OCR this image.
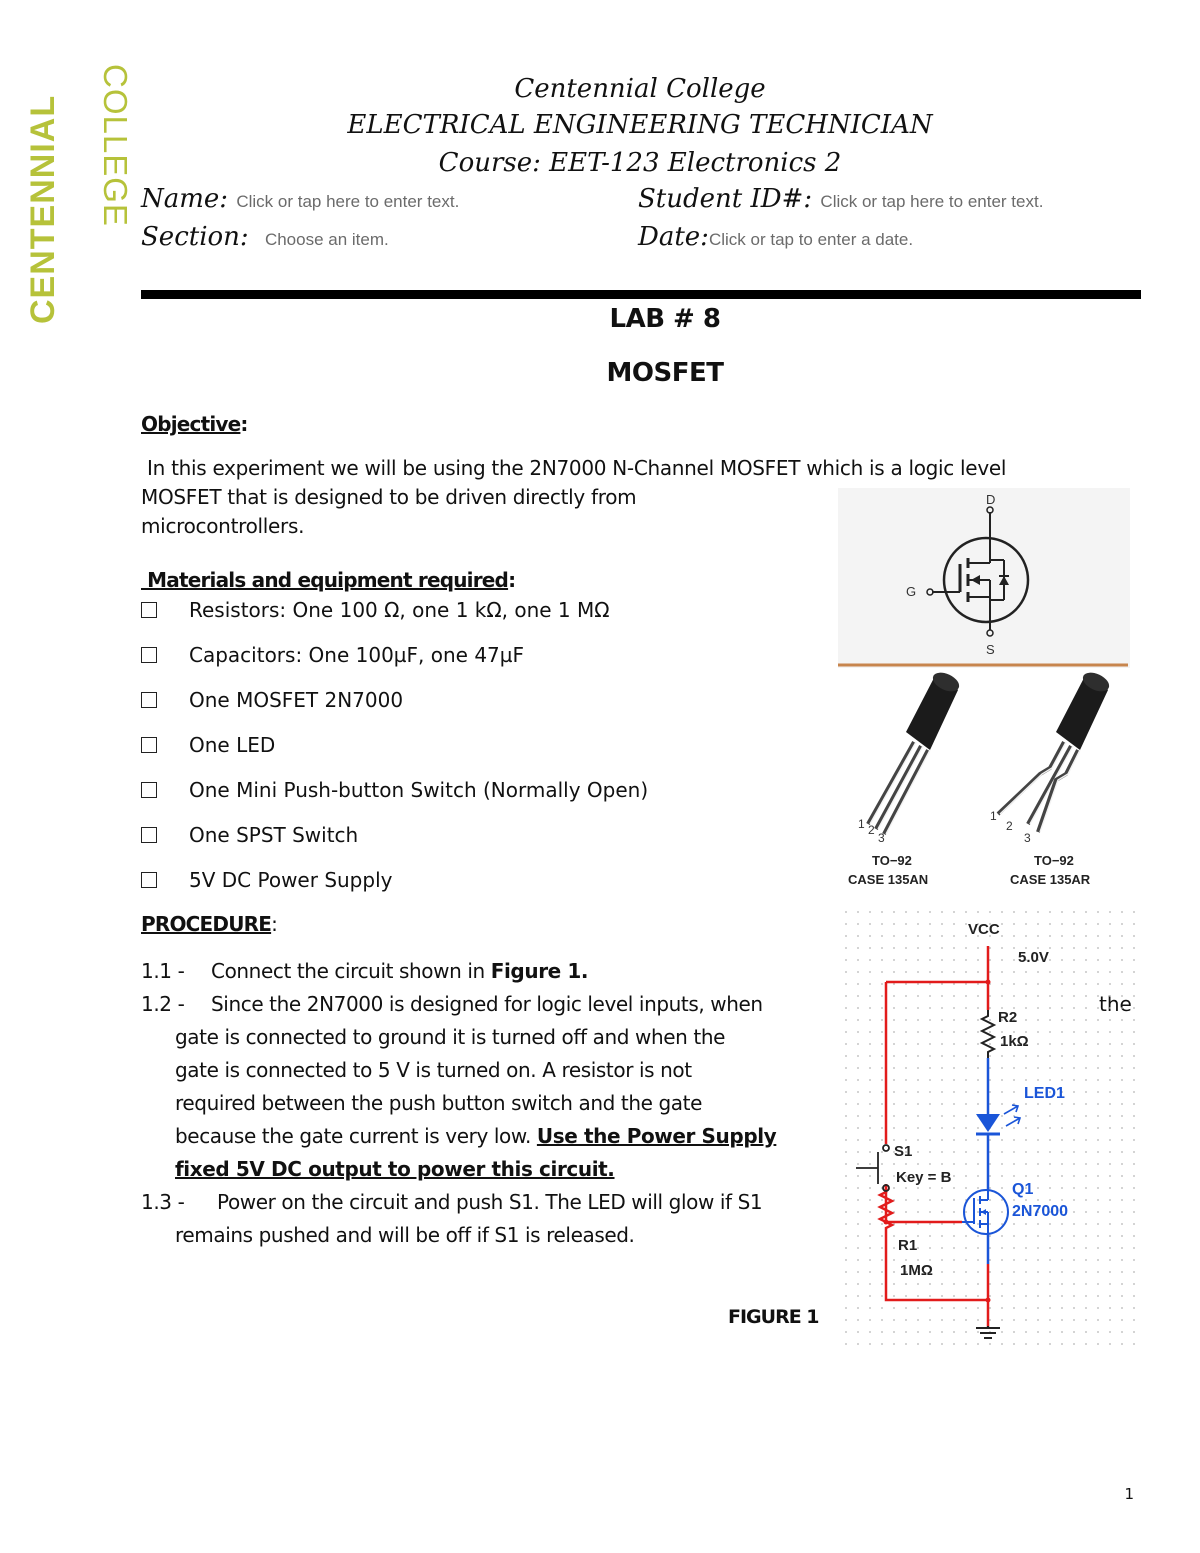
COLLEGE
CENTENNIAL
Centennial College
ELECTRICAL ENGINEERING TECHNICIAN
Course: EET-123 Electronics 2
Name: Click or tap here to enter text.	Student ID#: Click or tap here to enter text.
Section: Choose an item.	Date:Click or tap to enter a date.
LAB # 8
MOSFET
Objective:
In this experiment we will be using the 2N7000 N-Channel MOSFET which is a logic level
MOSFET that is designed to be driven directly from
microcontrollers.
Materials and equipment required:
Resistors: One 100 Ω, one 1 kΩ, one 1 MΩ
Capacitors: One 100µF, one 47µF
One MOSFET 2N7000
One LED
One Mini Push-button Switch (Normally Open)
One SPST Switch
5V DC Power Supply
PROCEDURE:
1.1 - Connect the circuit shown in Figure 1.
1.2 - Since the 2N7000 is designed for logic level inputs, when
gate is connected to ground it is turned off and when the
gate is connected to 5 V is turned on. A resistor is not
required between the push button switch and the gate
because the gate current is very low. Use the Power Supply
fixed 5V DC output to power this circuit.
1.3 - Power on the circuit and push S1. The LED will glow if S1
remains pushed and will be off if S1 is released.
FIGURE 1
D
G
S
1 2
3
TO−92
CASE 135AN
1
2
3
TO−92
CASE 135AR
VCC
5.0V
R2
1kΩ
LED1
S1
Key = B
Q1
2N7000
R1
1MΩ
1
